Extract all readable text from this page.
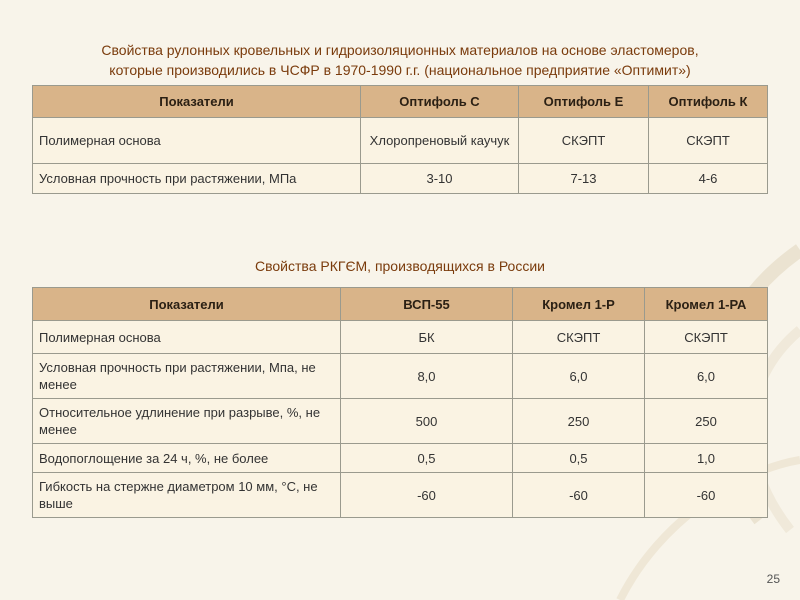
Свойства рулонных кровельных и гидроизоляционных материалов на основе эластомеров,
которые производились в ЧСФР в 1970-1990 г.г. (национальное предприятие «Оптимит»)
Показатели	Оптифоль С	Оптифоль Е	Оптифоль К
Полимерная основа	Хлоропреновый каучук	СКЭПТ	СКЭПТ
Условная прочность при растяжении, МПа	3-10	7-13	4-6
Свойства РКГЄМ, производящихся в России
Показатели	ВСП-55	Кромел 1-Р	Кромел 1-РА
Полимерная основа	БК	СКЭПТ	СКЭПТ
Условная прочность при растяжении, Мпа, не менее	8,0	6,0	6,0
Относительное удлинение при разрыве, %, не менее	500	250	250
Водопоглощение за 24 ч, %, не более	0,5	0,5	1,0
Гибкость на стержне диаметром 10 мм, °С, не выше	-60	-60	-60
25
